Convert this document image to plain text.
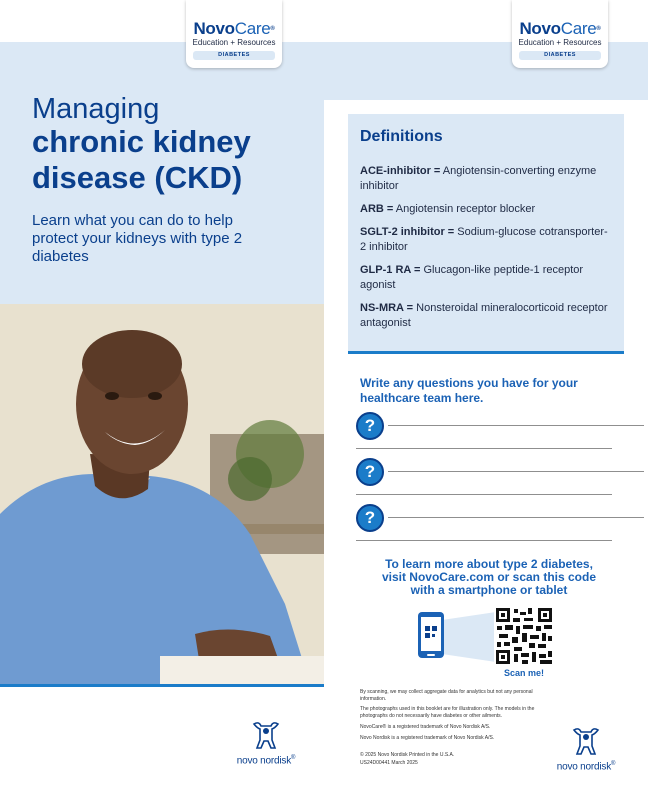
NovoCare®
Education + Resources
DIABETES
Managing
chronic kidney disease (CKD)
Learn what you can do to help protect your kidneys with type 2 diabetes
novo nordisk®
NovoCare®
Education + Resources
DIABETES
Definitions
ACE-inhibitor = Angiotensin-converting enzyme inhibitor
ARB = Angiotensin receptor blocker
SGLT-2 inhibitor = Sodium-glucose cotransporter-2 inhibitor
GLP-1 RA = Glucagon-like peptide-1 receptor agonist
NS-MRA = Nonsteroidal mineralocorticoid receptor antagonist
Write any questions you have for your healthcare team here.
?
?
?
To learn more about type 2 diabetes,
visit NovoCare.com or scan this code
with a smartphone or tablet
Scan me!
By scanning, we may collect aggregate data for analytics but not any personal information.
The photographs used in this booklet are for illustration only. The models in the photographs do not necessarily have diabetes or other ailments.
NovoCare® is a registered trademark of Novo Nordisk A/S.
Novo Nordisk is a registered trademark of Novo Nordisk A/S.
© 2025 Novo Nordisk Printed in the U.S.A.
US24D00441 March 2025	novo nordisk®
